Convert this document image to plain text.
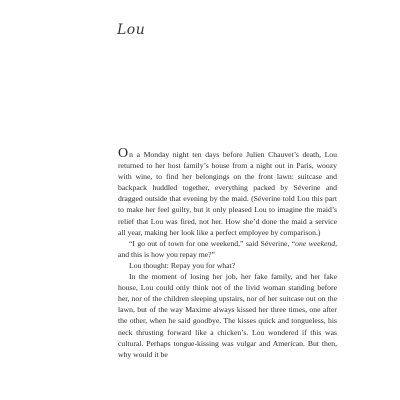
Lou

On a Monday night ten days before Julien Chauvet’s death, Lou returned to her host family’s house from a night out in Paris, woozy with wine, to find her belongings on the front lawn: suitcase and backpack huddled together, everything packed by Séverine and dragged outside that evening by the maid. (Séverine told Lou this part to make her feel guilty, but it only pleased Lou to imagine the maid’s relief that Lou was fired, not her. How she’d done the maid a service all year, making her look like a perfect employee by comparison.)

“I go out of town for one weekend,” said Séverine, “one weekend, and this is how you repay me?”

Lou thought: Repay you for what?

In the moment of losing her job, her fake family, and her fake house, Lou could only think not of the livid woman standing before her, nor of the children sleeping upstairs, nor of her suitcase out on the lawn, but of the way Maxime always kissed her three times, one after the other, when he said goodbye. The kisses quick and tongueless, his neck thrusting forward like a chicken’s. Lou wondered if this was cultural. Perhaps tongue-kissing was vulgar and American. But then, why would it be
